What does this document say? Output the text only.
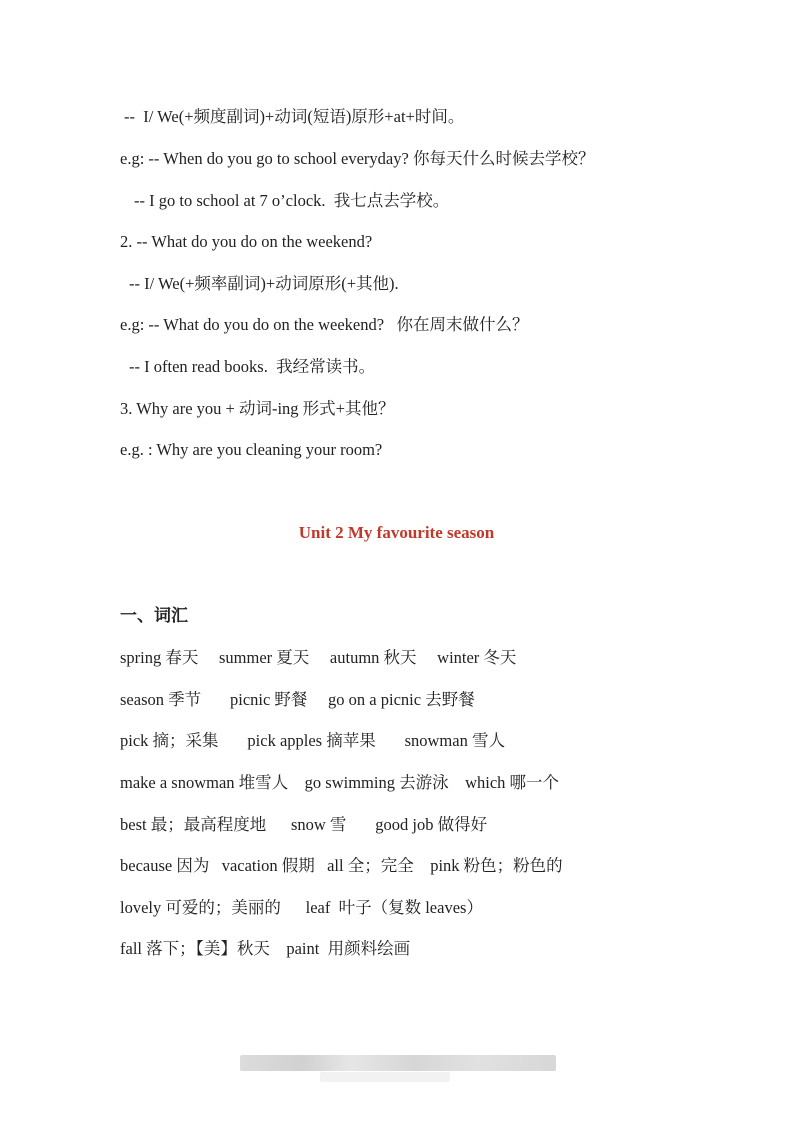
--  I/ We(+频度副词)+动词(短语)原形+at+时间。
e.g: -- When do you go to school everyday? 你每天什么时候去学校？
-- I go to school at 7 o’clock.  我七点去学校。
2. -- What do you do on the weekend?
-- I/ We(+频率副词)+动词原形(+其他).
e.g: -- What do you do on the weekend?   你在周末做什么？
-- I often read books.  我经常读书。
3. Why are you + 动词-ing 形式+其他？
e.g. : Why are you cleaning your room?
Unit 2 My favourite season
一、词汇
spring 春天     summer 夏天     autumn 秋天     winter 冬天
season 季节       picnic 野餐     go on a picnic 去野餐
pick 摘；采集       pick apples 摘苹果       snowman 雪人
make a snowman 堆雪人    go swimming 去游泳    which 哪一个
best 最；最高程度地      snow 雪       good job 做得好
because 因为   vacation 假期   all 全；完全    pink 粉色；粉色的
lovely 可爱的；美丽的      leaf  叶子（复数 leaves）
fall 落下；【美】秋天    paint  用颜料绘画
